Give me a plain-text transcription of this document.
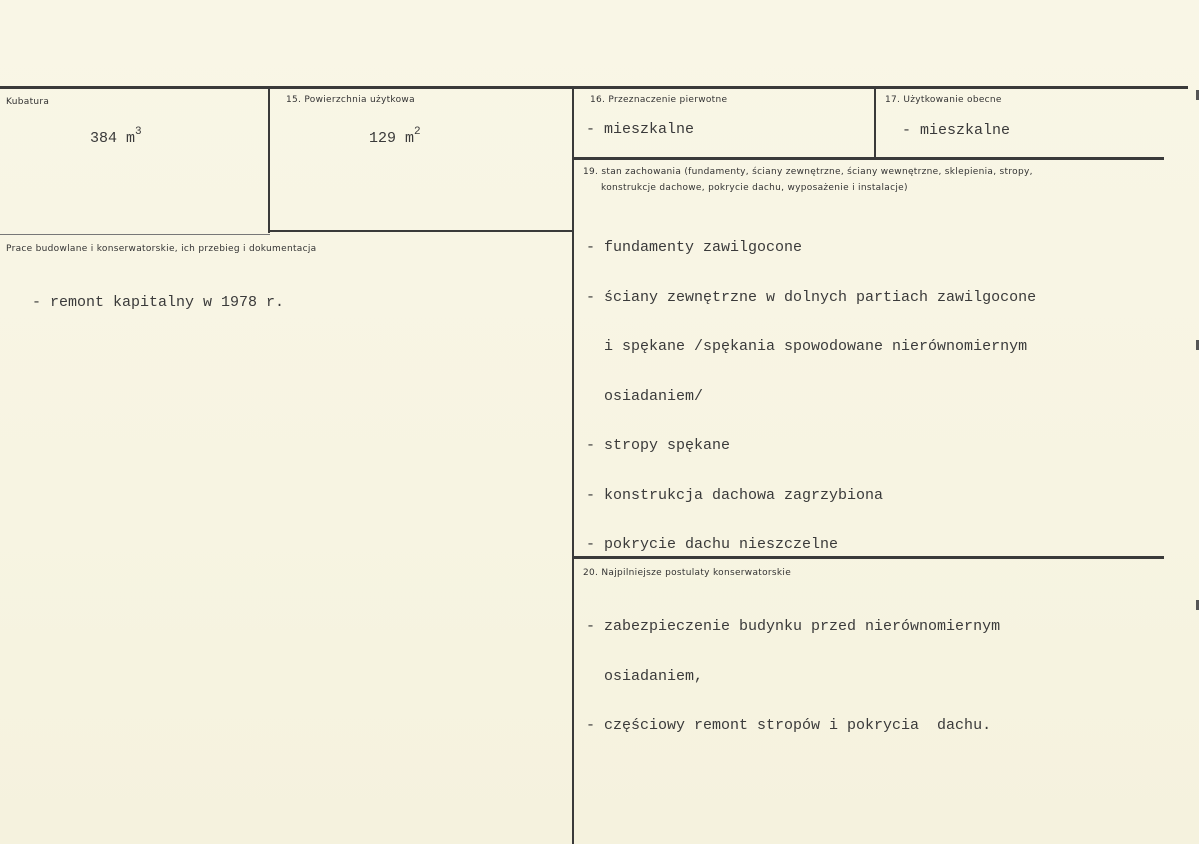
Kubatura
384 $m^3$
15. Powierzchnia użytkowa
129 $m^2$
16. Przeznaczenie pierwotne
- mieszkalne
17. Użytkowanie obecne
- mieszkalne
Prace budowlane i konserwatorskie, ich przebieg i dokumentacja
- remont kapitalny w 1978 r.
19. stan zachowania (fundamenty, ściany zewnętrzne, ściany wewnętrzne, sklepienia, stropy,
konstrukcje dachowe, pokrycie dachu, wyposażenie i instalacje)

- fundamenty zawilgocone

- ściany zewnętrzne w dolnych partiach zawilgocone

i spękane /spękania spowodowane nierównomiernym

osiadaniem/

- stropy spękane

- konstrukcja dachowa zagrzybiona

- pokrycie dachu nieszczelne

20. Najpilniejsze postulaty konserwatorskie

- zabezpieczenie budynku przed nierównomiernym

osiadaniem,

- częściowy remont stropów i pokrycia  dachu.
